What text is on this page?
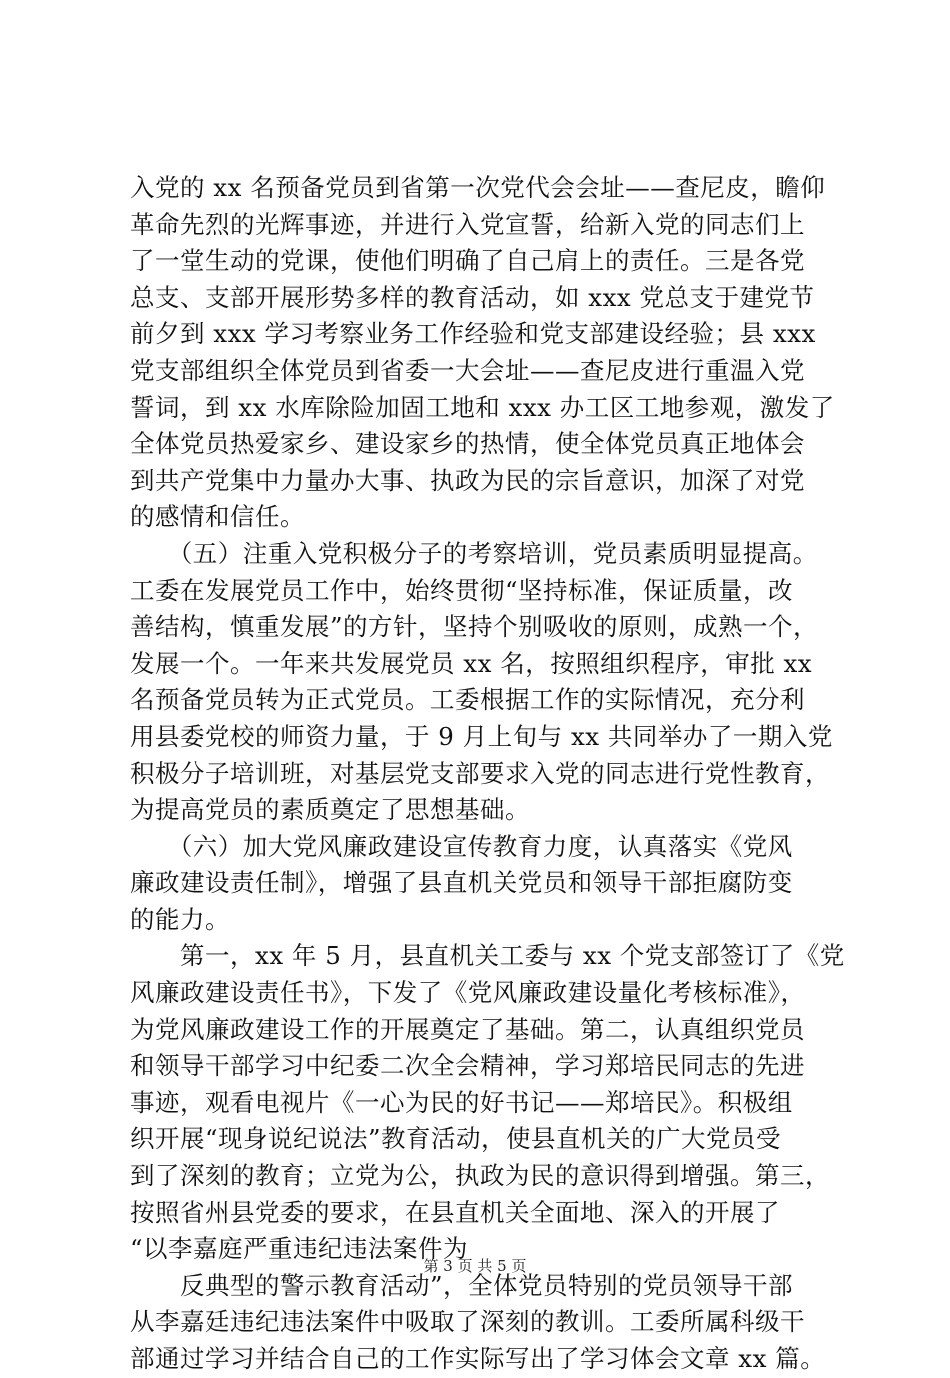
入党的 xx 名预备党员到省第一次党代会会址——查尼皮，瞻仰
革命先烈的光辉事迹，并进行入党宣誓，给新入党的同志们上
了一堂生动的党课，使他们明确了自己肩上的责任。三是各党
总支、支部开展形势多样的教育活动，如 xxx 党总支于建党节
前夕到 xxx 学习考察业务工作经验和党支部建设经验；县 xxx
党支部组织全体党员到省委一大会址——查尼皮进行重温入党
誓词，到 xx 水库除险加固工地和 xxx 办工区工地参观，激发了
全体党员热爱家乡、建设家乡的热情，使全体党员真正地体会
到共产党集中力量办大事、执政为民的宗旨意识，加深了对党
的感情和信任。
　　（五）注重入党积极分子的考察培训，党员素质明显提高。
工委在发展党员工作中，始终贯彻“坚持标准，保证质量，改
善结构，慎重发展”的方针，坚持个别吸收的原则，成熟一个，
发展一个。一年来共发展党员 xx 名，按照组织程序，审批 xx
名预备党员转为正式党员。工委根据工作的实际情况，充分利
用县委党校的师资力量，于 9 月上旬与 xx 共同举办了一期入党
积极分子培训班，对基层党支部要求入党的同志进行党性教育，
为提高党员的素质奠定了思想基础。
　　（六）加大党风廉政建设宣传教育力度，认真落实《党风
廉政建设责任制》，增强了县直机关党员和领导干部拒腐防变
的能力。
　　第一，xx 年 5 月，县直机关工委与 xx 个党支部签订了《党
风廉政建设责任书》，下发了《党风廉政建设量化考核标准》，
为党风廉政建设工作的开展奠定了基础。第二，认真组织党员
和领导干部学习中纪委二次全会精神，学习郑培民同志的先进
事迹，观看电视片《一心为民的好书记——郑培民》。积极组
织开展“现身说纪说法”教育活动，使县直机关的广大党员受
到了深刻的教育；立党为公，执政为民的意识得到增强。第三，
按照省州县党委的要求，在县直机关全面地、深入的开展了
“以李嘉庭严重违纪违法案件为
　　反典型的警示教育活动”，全体党员特别的党员领导干部
从李嘉廷违纪违法案件中吸取了深刻的教训。工委所属科级干
部通过学习并结合自己的工作实际写出了学习体会文章 xx 篇。
第 3 页 共 5 页
